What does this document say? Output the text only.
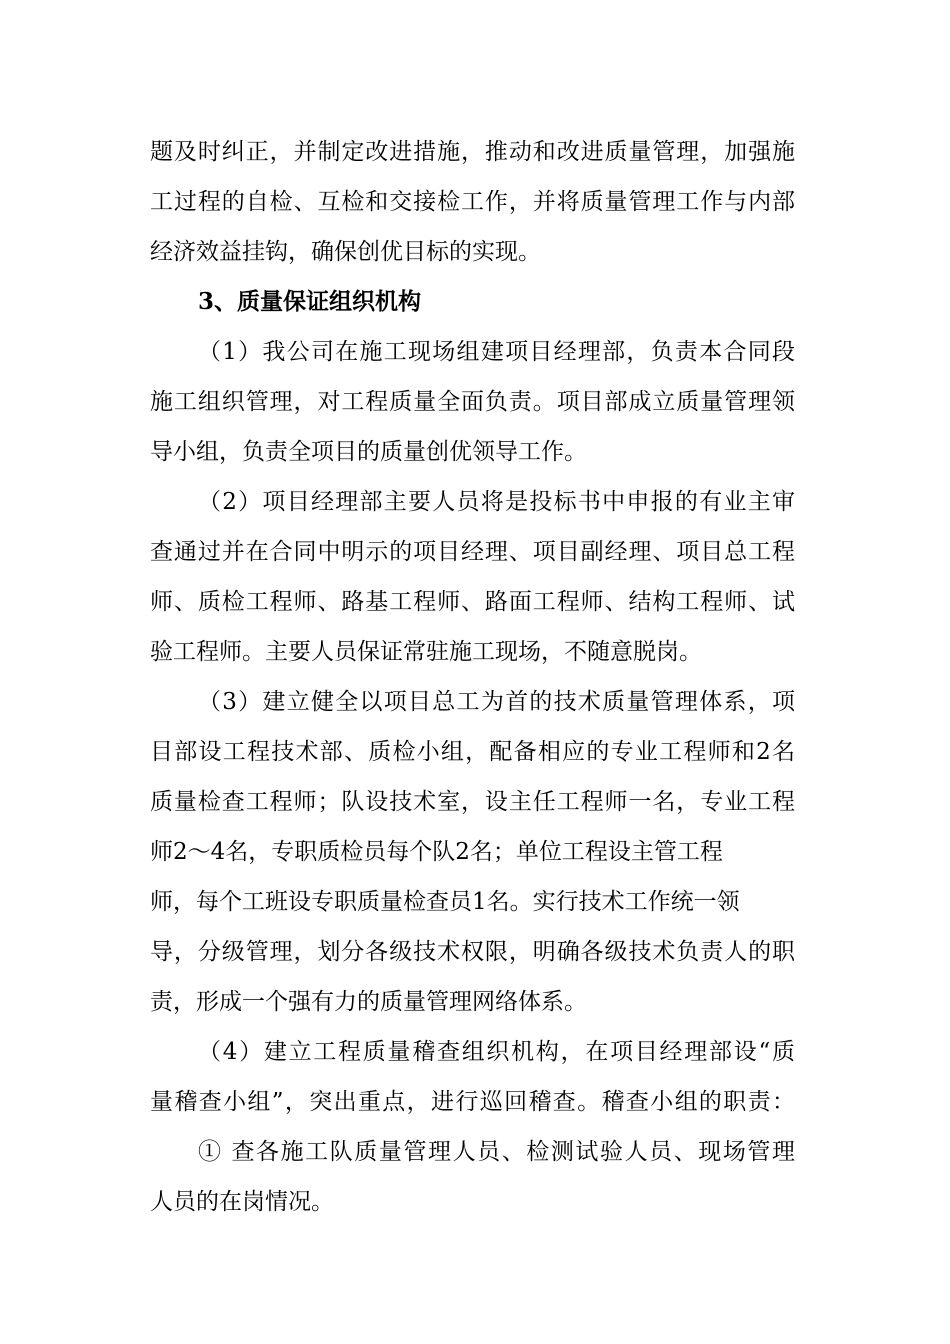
题及时纠正，并制定改进措施，推动和改进质量管理，加强施
工过程的自检、互检和交接检工作，并将质量管理工作与内部
经济效益挂钩，确保创优目标的实现。
3、质量保证组织机构
（1）我公司在施工现场组建项目经理部，负责本合同段
施工组织管理，对工程质量全面负责。项目部成立质量管理领
导小组，负责全项目的质量创优领导工作。
（2）项目经理部主要人员将是投标书中申报的有业主审
查通过并在合同中明示的项目经理、项目副经理、项目总工程
师、质检工程师、路基工程师、路面工程师、结构工程师、试
验工程师。主要人员保证常驻施工现场，不随意脱岗。
（3）建立健全以项目总工为首的技术质量管理体系，项
目部设工程技术部、质检小组，配备相应的专业工程师和2名
质量检查工程师；队设技术室，设主任工程师一名，专业工程
师2～4名，专职质检员每个队2名；单位工程设主管工程
师，每个工班设专职质量检查员1名。实行技术工作统一领
导，分级管理，划分各级技术权限，明确各级技术负责人的职
责，形成一个强有力的质量管理网络体系。
（4）建立工程质量稽查组织机构，在项目经理部设“质
量稽查小组”，突出重点，进行巡回稽查。稽查小组的职责：
① 查各施工队质量管理人员、检测试验人员、现场管理
人员的在岗情况。
